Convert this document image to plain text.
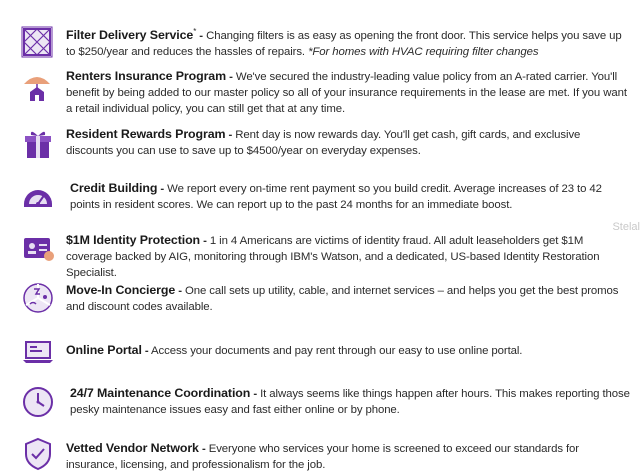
Filter Delivery Service* - Changing filters is as easy as opening the front door. This service helps you save up to $250/year and reduces the hassles of repairs. *For homes with HVAC requiring filter changes
Renters Insurance Program - We've secured the industry-leading value policy from an A-rated carrier. You'll benefit by being added to our master policy so all of your insurance requirements in the lease are met. If you want a retail individual policy, you can still get that at any time.
Resident Rewards Program - Rent day is now rewards day. You'll get cash, gift cards, and exclusive discounts you can use to save up to $4500/year on everyday expenses.
Credit Building - We report every on-time rent payment so you build credit. Average increases of 23 to 42 points in resident scores. We can report up to the past 24 months for an immediate boost.
$1M Identity Protection - 1 in 4 Americans are victims of identity fraud. All adult leaseholders get $1M coverage backed by AIG, monitoring through IBM's Watson, and a dedicated, US-based Identity Restoration Specialist.
Move-In Concierge - One call sets up utility, cable, and internet services – and helps you get the best promos and discount codes available.
Online Portal - Access your documents and pay rent through our easy to use online portal.
24/7 Maintenance Coordination - It always seems like things happen after hours. This makes reporting those pesky maintenance issues easy and fast either online or by phone.
Vetted Vendor Network - Everyone who services your home is screened to exceed our standards for insurance, licensing, and professionalism for the job.
Stelal
